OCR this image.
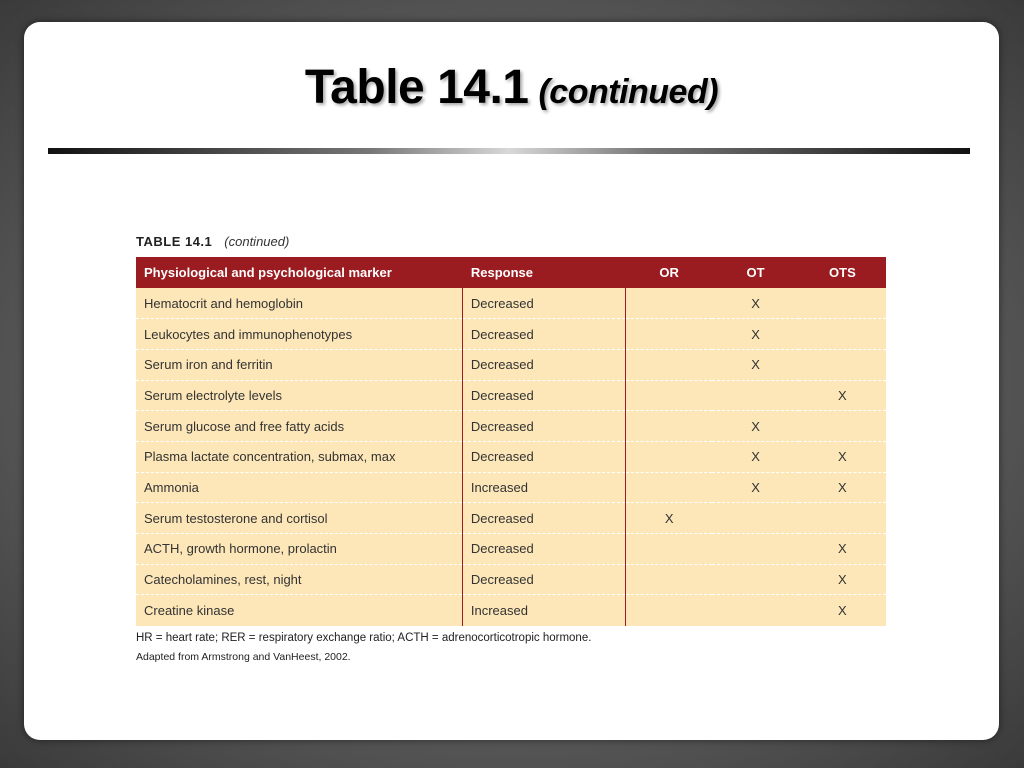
Table 14.1 (continued)
TABLE 14.1 (continued)
Physiological and psychological marker	Response	OR	OT	OTS
Hematocrit and hemoglobin	Decreased		X	
Leukocytes and immunophenotypes	Decreased		X	
Serum iron and ferritin	Decreased		X	
Serum electrolyte levels	Decreased			X
Serum glucose and free fatty acids	Decreased		X	
Plasma lactate concentration, submax, max	Decreased		X	X
Ammonia	Increased		X	X
Serum testosterone and cortisol	Decreased	X		
ACTH, growth hormone, prolactin	Decreased			X
Catecholamines, rest, night	Decreased			X
Creatine kinase	Increased			X
HR = heart rate; RER = respiratory exchange ratio; ACTH = adrenocorticotropic hormone.
Adapted from Armstrong and VanHeest, 2002.
